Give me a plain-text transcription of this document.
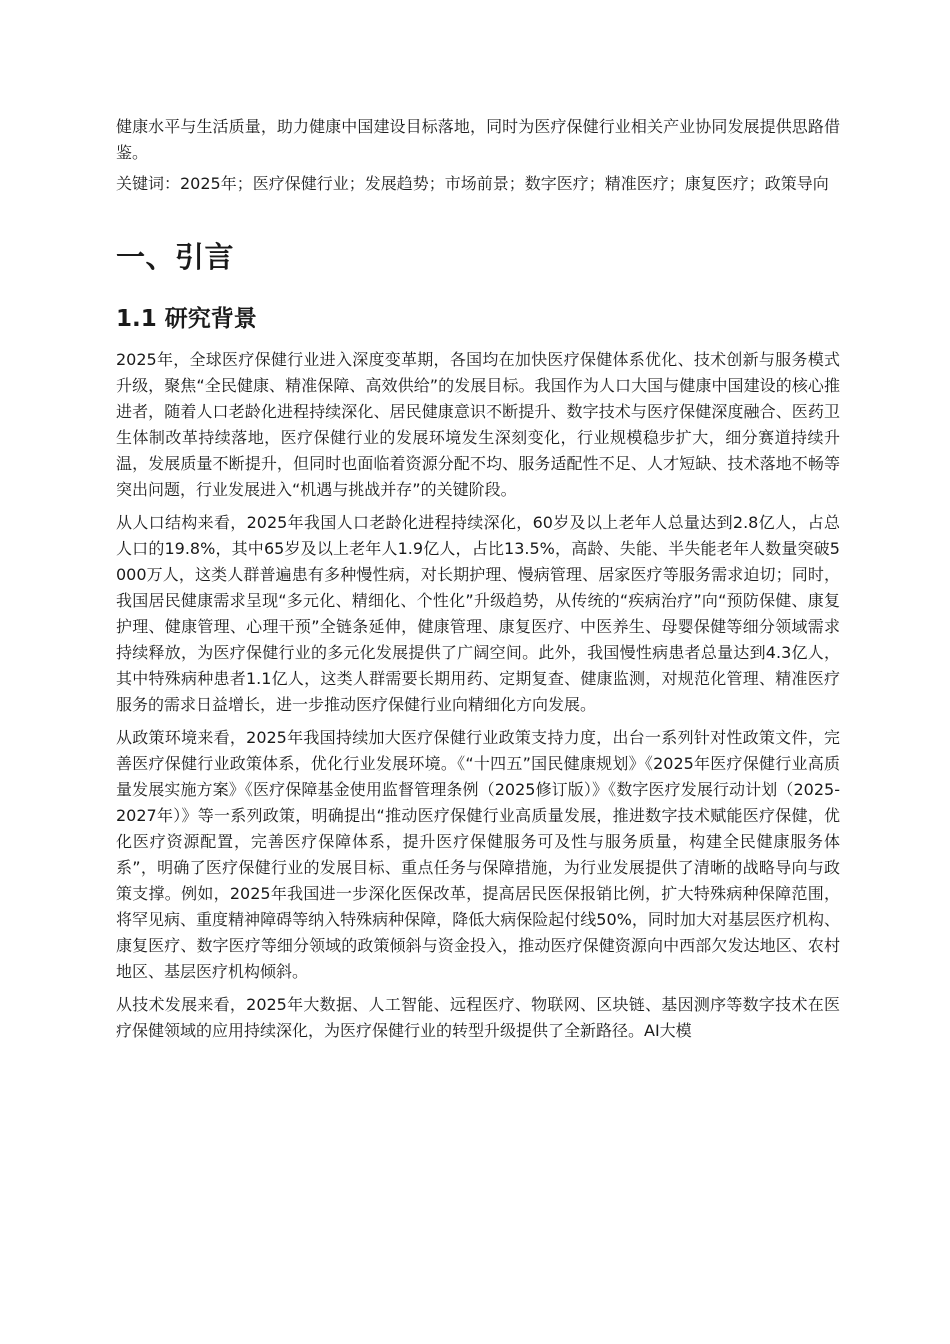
健康水平与生活质量，助力健康中国建设目标落地，同时为医疗保健行业相关产业协同发展提供思路借鉴。

关键词：2025年；医疗保健行业；发展趋势；市场前景；数字医疗；精准医疗；康复医疗；政策导向

一、引言
1.1 研究背景

2025年，全球医疗保健行业进入深度变革期，各国均在加快医疗保健体系优化、技术创新与服务模式升级，聚焦“全民健康、精准保障、高效供给”的发展目标。我国作为人口大国与健康中国建设的核心推进者，随着人口老龄化进程持续深化、居民健康意识不断提升、数字技术与医疗保健深度融合、医药卫生体制改革持续落地，医疗保健行业的发展环境发生深刻变化，行业规模稳步扩大，细分赛道持续升温，发展质量不断提升，但同时也面临着资源分配不均、服务适配性不足、人才短缺、技术落地不畅等突出问题，行业发展进入“机遇与挑战并存”的关键阶段。

从人口结构来看，2025年我国人口老龄化进程持续深化，60岁及以上老年人总量达到2.8亿人，占总人口的19.8%，其中65岁及以上老年人1.9亿人，占比13.5%，高龄、失能、半失能老年人数量突破5000万人，这类人群普遍患有多种慢性病，对长期护理、慢病管理、居家医疗等服务需求迫切；同时，我国居民健康需求呈现“多元化、精细化、个性化”升级趋势，从传统的“疾病治疗”向“预防保健、康复护理、健康管理、心理干预”全链条延伸，健康管理、康复医疗、中医养生、母婴保健等细分领域需求持续释放，为医疗保健行业的多元化发展提供了广阔空间。此外，我国慢性病患者总量达到4.3亿人，其中特殊病种患者1.1亿人，这类人群需要长期用药、定期复查、健康监测，对规范化管理、精准医疗服务的需求日益增长，进一步推动医疗保健行业向精细化方向发展。

从政策环境来看，2025年我国持续加大医疗保健行业政策支持力度，出台一系列针对性政策文件，完善医疗保健行业政策体系，优化行业发展环境。《“十四五”国民健康规划》《2025年医疗保健行业高质量发展实施方案》《医疗保障基金使用监督管理条例（2025修订版）》《数字医疗发展行动计划（2025-2027年）》等一系列政策，明确提出“推动医疗保健行业高质量发展，推进数字技术赋能医疗保健，优化医疗资源配置，完善医疗保障体系，提升医疗保健服务可及性与服务质量，构建全民健康服务体系”，明确了医疗保健行业的发展目标、重点任务与保障措施，为行业发展提供了清晰的战略导向与政策支撑。例如，2025年我国进一步深化医保改革，提高居民医保报销比例，扩大特殊病种保障范围，将罕见病、重度精神障碍等纳入特殊病种保障，降低大病保险起付线50%，同时加大对基层医疗机构、康复医疗、数字医疗等细分领域的政策倾斜与资金投入，推动医疗保健资源向中西部欠发达地区、农村地区、基层医疗机构倾斜。

从技术发展来看，2025年大数据、人工智能、远程医疗、物联网、区块链、基因测序等数字技术在医疗保健领域的应用持续深化，为医疗保健行业的转型升级提供了全新路径。AI大模
